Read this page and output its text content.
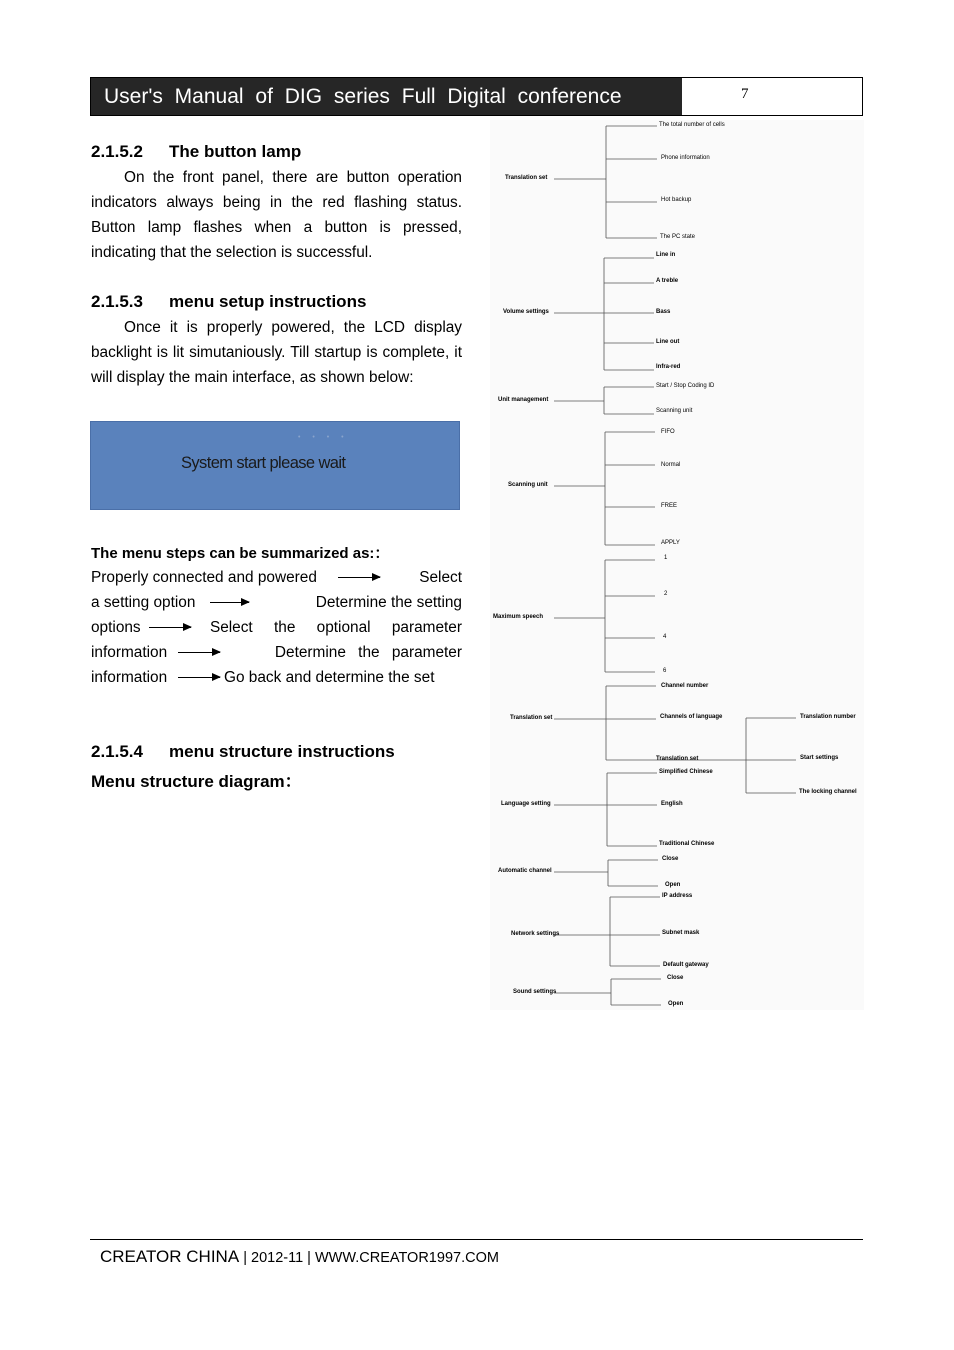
User's Manual of DIG series Full Digital conference	7
2.1.5.2 The button lamp
On the front panel, there are button operation indicators always being in the red flashing status. Button lamp flashes when a button is pressed, indicating that the selection is successful.
2.1.5.3 menu setup instructions
Once it is properly powered, the LCD display backlight is lit simutaniously. Till startup is complete, it will display the main interface, as shown below:
• • • •
System start please wait
The menu steps can be summarized as:：
Properly connected and powered	Select
a setting option	Determine the setting
options	Select the optional parameter
information	Determine the parameter
information	Go back and determine the set
2.1.5.4 menu structure instructions
Menu structure diagram：
Translation set
The total number of cells
Phone information
Hot backup
The PC state
Volume settings
Line in
A treble
Bass
Line out
Infra-red
Unit management
Start / Stop Coding ID
Scanning unit
Scanning unit
FIFO
Normal
FREE
APPLY
Maximum speech
1
2
4
6
Translation set
Channel number
Channels of language
Translation set
Translation number
Start settings
The locking channel
Language setting
Simplified Chinese
English
Traditional Chinese
Automatic channel
Close
Open
Network settings
IP address
Subnet mask
Default gateway
Sound settings
Close
Open
CREATOR CHINA | 2012-11 | WWW.CREATOR1997.COM
